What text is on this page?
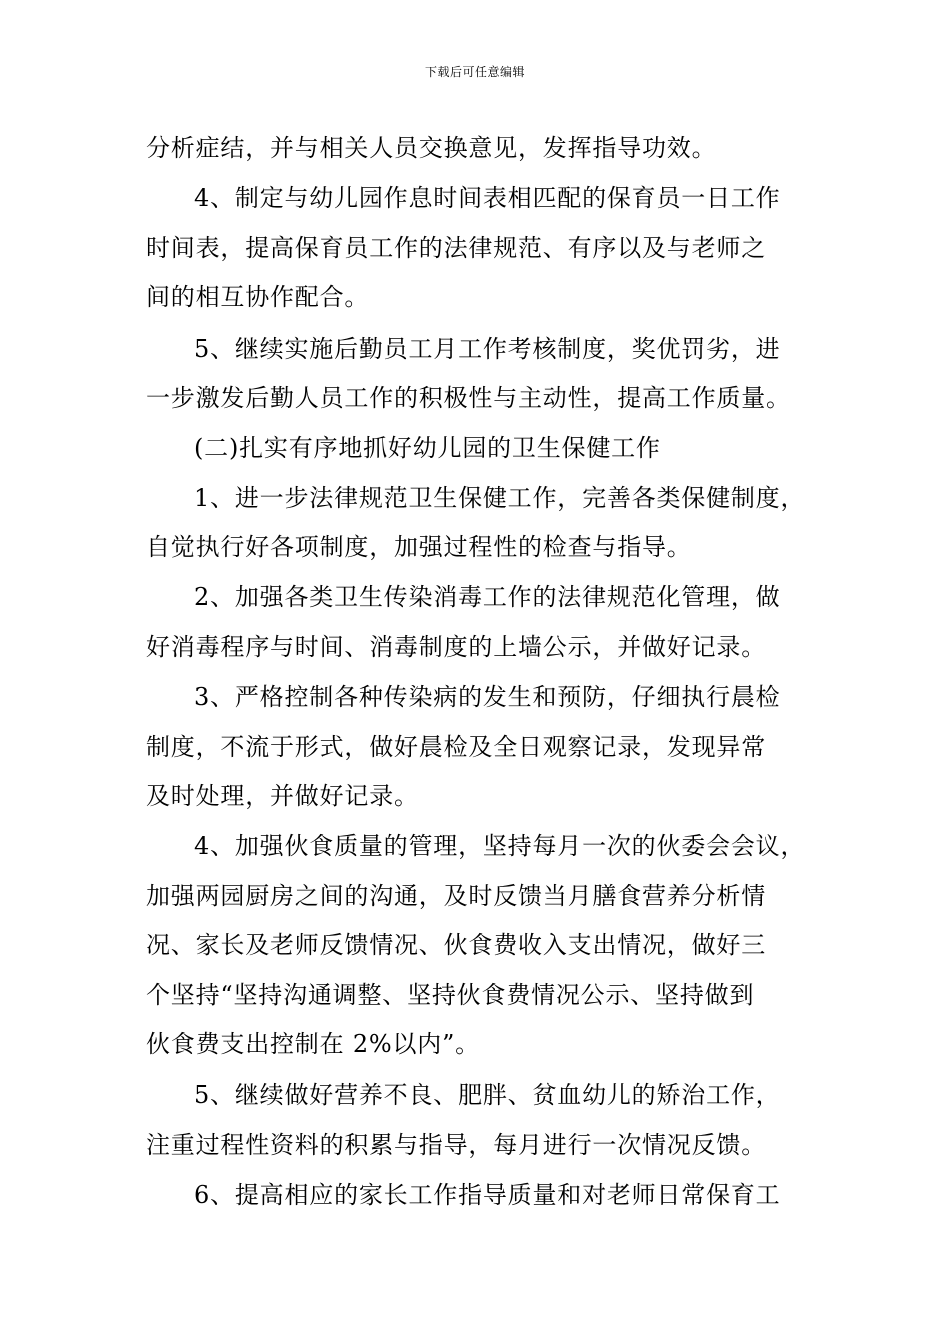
下载后可任意编辑
分析症结，并与相关人员交换意见，发挥指导功效。
4、制定与幼儿园作息时间表相匹配的保育员一日工作
时间表，提高保育员工作的法律规范、有序以及与老师之
间的相互协作配合。
5、继续实施后勤员工月工作考核制度，奖优罚劣，进
一步激发后勤人员工作的积极性与主动性，提高工作质量。
(二)扎实有序地抓好幼儿园的卫生保健工作
1、进一步法律规范卫生保健工作，完善各类保健制度，
自觉执行好各项制度，加强过程性的检查与指导。
2、加强各类卫生传染消毒工作的法律规范化管理，做
好消毒程序与时间、消毒制度的上墙公示，并做好记录。
3、严格控制各种传染病的发生和预防，仔细执行晨检
制度，不流于形式，做好晨检及全日观察记录，发现异常
及时处理，并做好记录。
4、加强伙食质量的管理，坚持每月一次的伙委会会议，
加强两园厨房之间的沟通，及时反馈当月膳食营养分析情
况、家长及老师反馈情况、伙食费收入支出情况，做好三
个坚持“坚持沟通调整、坚持伙食费情况公示、坚持做到
伙食费支出控制在 2%以内”。
5、继续做好营养不良、肥胖、贫血幼儿的矫治工作，
注重过程性资料的积累与指导，每月进行一次情况反馈。
6、提高相应的家长工作指导质量和对老师日常保育工
